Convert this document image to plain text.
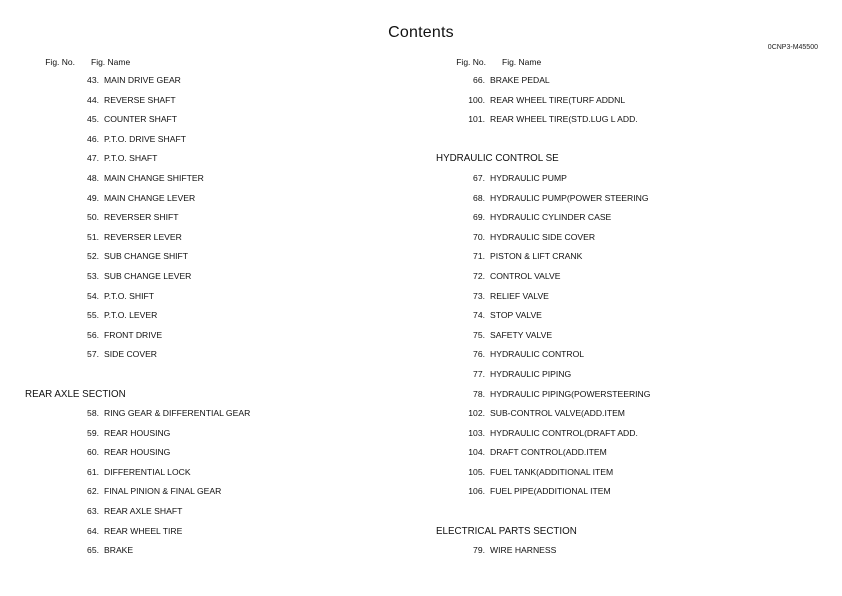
Contents
0CNP3-M45500
Fig. No. Fig. Name	Fig. No. Fig. Name
43. MAIN DRIVE GEAR
44. REVERSE SHAFT
45. COUNTER SHAFT
46. P.T.O. DRIVE SHAFT
47. P.T.O. SHAFT
48. MAIN CHANGE SHIFTER
49. MAIN CHANGE LEVER
50. REVERSER SHIFT
51. REVERSER LEVER
52. SUB CHANGE SHIFT
53. SUB CHANGE LEVER
54. P.T.O. SHIFT
55. P.T.O. LEVER
56. FRONT DRIVE
57. SIDE COVER
REAR AXLE SECTION
58. RING GEAR & DIFFERENTIAL GEAR
59. REAR HOUSING
60. REAR HOUSING
61. DIFFERENTIAL LOCK
62. FINAL PINION & FINAL GEAR
63. REAR AXLE SHAFT
64. REAR WHEEL TIRE
65. BRAKE
66. BRAKE PEDAL
100. REAR WHEEL TIRE(TURF ADDNL
101. REAR WHEEL TIRE(STD.LUG L ADD.
HYDRAULIC CONTROL SE
67. HYDRAULIC PUMP
68. HYDRAULIC PUMP(POWER STEERING
69. HYDRAULIC CYLINDER CASE
70. HYDRAULIC SIDE COVER
71. PISTON & LIFT CRANK
72. CONTROL VALVE
73. RELIEF VALVE
74. STOP VALVE
75. SAFETY VALVE
76. HYDRAULIC CONTROL
77. HYDRAULIC PIPING
78. HYDRAULIC PIPING(POWERSTEERING
102. SUB-CONTROL VALVE(ADD.ITEM
103. HYDRAULIC CONTROL(DRAFT ADD.
104. DRAFT CONTROL(ADD.ITEM
105. FUEL TANK(ADDITIONAL ITEM
106. FUEL PIPE(ADDITIONAL ITEM
ELECTRICAL PARTS SECTION
79. WIRE HARNESS
